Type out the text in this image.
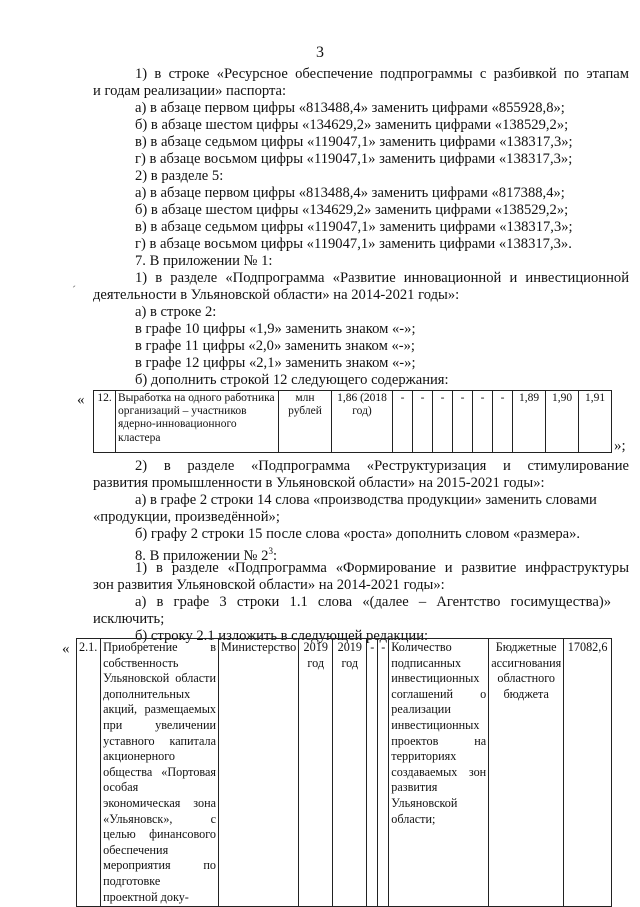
3
1) в строке «Ресурсное обеспечение подпрограммы с разбивкой по этапам
и годам реализации» паспорта:
а) в абзаце первом цифры «813488,4» заменить цифрами «855928,8»;
б) в абзаце шестом цифры «134629,2» заменить цифрами «138529,2»;
в) в абзаце седьмом цифры «119047,1» заменить цифрами «138317,3»;
г) в абзаце восьмом цифры «119047,1» заменить цифрами «138317,3»;
2) в разделе 5:
а) в абзаце первом цифры «813488,4» заменить цифрами «817388,4»;
б) в абзаце шестом цифры «134629,2» заменить цифрами «138529,2»;
в) в абзаце седьмом цифры «119047,1» заменить цифрами «138317,3»;
г) в абзаце восьмом цифры «119047,1» заменить цифрами «138317,3».
7. В приложении № 1:
1) в разделе «Подпрограмма «Развитие инновационной и инвестиционной
деятельности в Ульяновской области» на 2014-2021 годы»:
а) в строке 2:
в графе 10 цифры «1,9» заменить знаком «-»;
в графе 11 цифры «2,0» заменить знаком «-»;
в графе 12 цифры «2,1» заменить знаком «-»;
б) дополнить строкой 12 следующего содержания:
´
« 12.	Выработка на одного работника организаций – участников ядерно-инновационного кластера	млн рублей	1,86 (2018 год)	-	-	-	-	-	-	1,89	1,90	1,91
»;
2) в разделе «Подпрограмма «Реструктуризация и стимулирование
развития промышленности в Ульяновской области» на 2015-2021 годы»:
а) в графе 2 строки 14 слова «производства продукции» заменить словами
«продукции, произведённой»;
б) графу 2 строки 15 после слова «роста» дополнить словом «размера».
8. В приложении № $2^3$:
1) в разделе «Подпрограмма «Формирование и развитие инфраструктуры
зон развития Ульяновской области» на 2014-2021 годы»:
а) в графе 3 строки 1.1 слова «(далее – Агентство госимущества)»
исключить;
б) строку 2.1 изложить в следующей редакции:
« 2.1.	Приобретение в собственность Ульяновской области дополнительных акций, размещаемых при увеличении уставного капитала акционерного общества «Портовая особая экономическая зона «Ульяновск», с целью финансового обеспечения мероприятия по подготовке проектной доку-	Министерство	2019 год	2019 год	-	-	Количество подписанных инвестиционных соглашений о реализации инвестиционных проектов на территориях создаваемых зон развития Ульяновской области;	Бюджетные ассигнования областного бюджета	17082,6
